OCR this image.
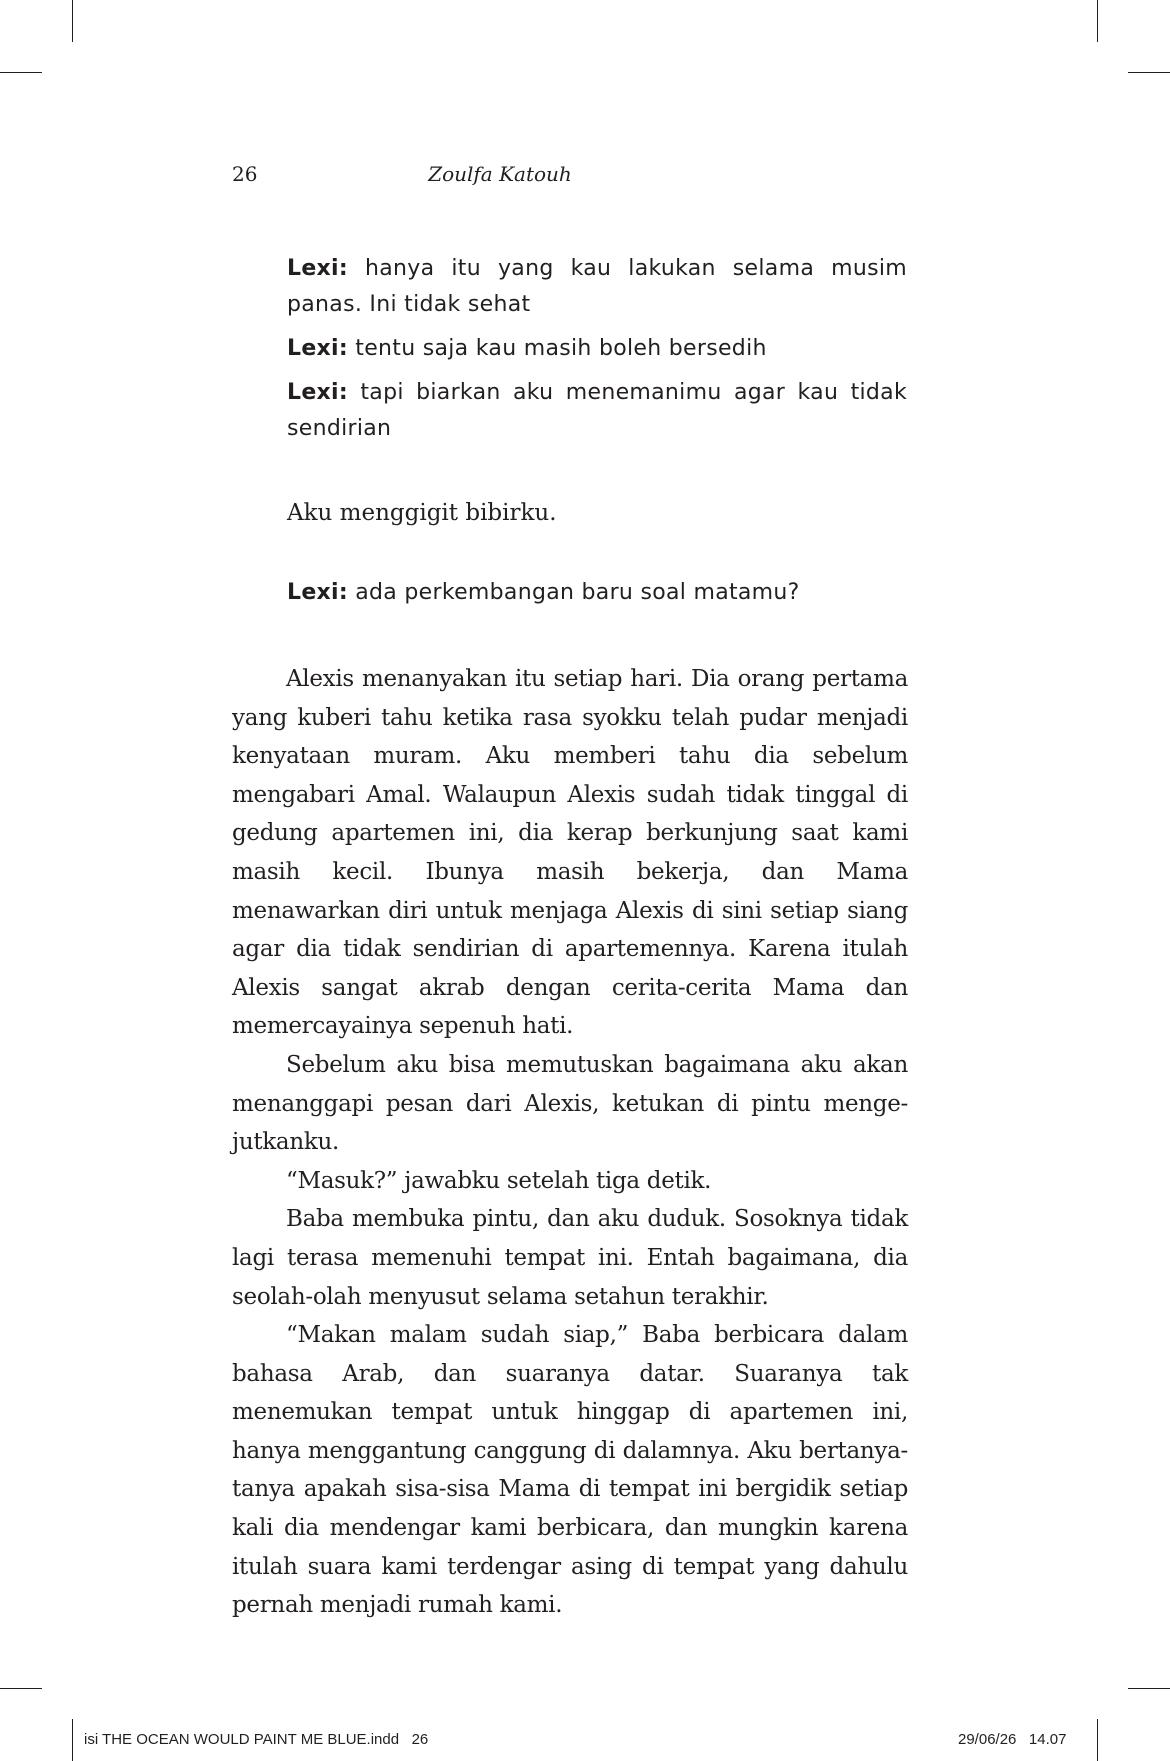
26	Zoulfa Katouh
Lexi: hanya itu yang kau lakukan selama musim panas. Ini tidak sehat
Lexi: tentu saja kau masih boleh bersedih
Lexi: tapi biarkan aku menemanimu agar kau tidak sendirian

Aku menggigit bibirku.

Lexi: ada perkembangan baru soal matamu?

Alexis menanyakan itu setiap hari. Dia orang pertama yang kuberi tahu ketika rasa syokku telah pudar menjadi kenyataan muram. Aku memberi tahu dia sebelum mengabari Amal. Walaupun Alexis sudah tidak tinggal di gedung apartemen ini, dia kerap berkunjung saat kami masih kecil. Ibunya masih bekerja, dan Mama menawarkan diri untuk menjaga Alexis di sini setiap siang agar dia tidak sendirian di apartemennya. Karena itulah Alexis sangat akrab dengan cerita-cerita Mama dan memercayainya sepenuh hati.

Sebelum aku bisa memutuskan bagaimana aku akan menanggapi pesan dari Alexis, ketukan di pintu menge-jutkanku.

“Masuk?” jawabku setelah tiga detik.

Baba membuka pintu, dan aku duduk. Sosoknya tidak lagi terasa memenuhi tempat ini. Entah bagaimana, dia seolah-olah menyusut selama setahun terakhir.

“Makan malam sudah siap,” Baba berbicara dalam bahasa Arab, dan suaranya datar. Suaranya tak menemukan tempat untuk hinggap di apartemen ini, hanya menggantung canggung di dalamnya. Aku bertanya-tanya apakah sisa-sisa Mama di tempat ini bergidik setiap kali dia mendengar kami berbicara, dan mungkin karena itulah suara kami terdengar asing di tempat yang dahulu pernah menjadi rumah kami.

isi THE OCEAN WOULD PAINT ME BLUE.indd   26	29/06/26   14.07
